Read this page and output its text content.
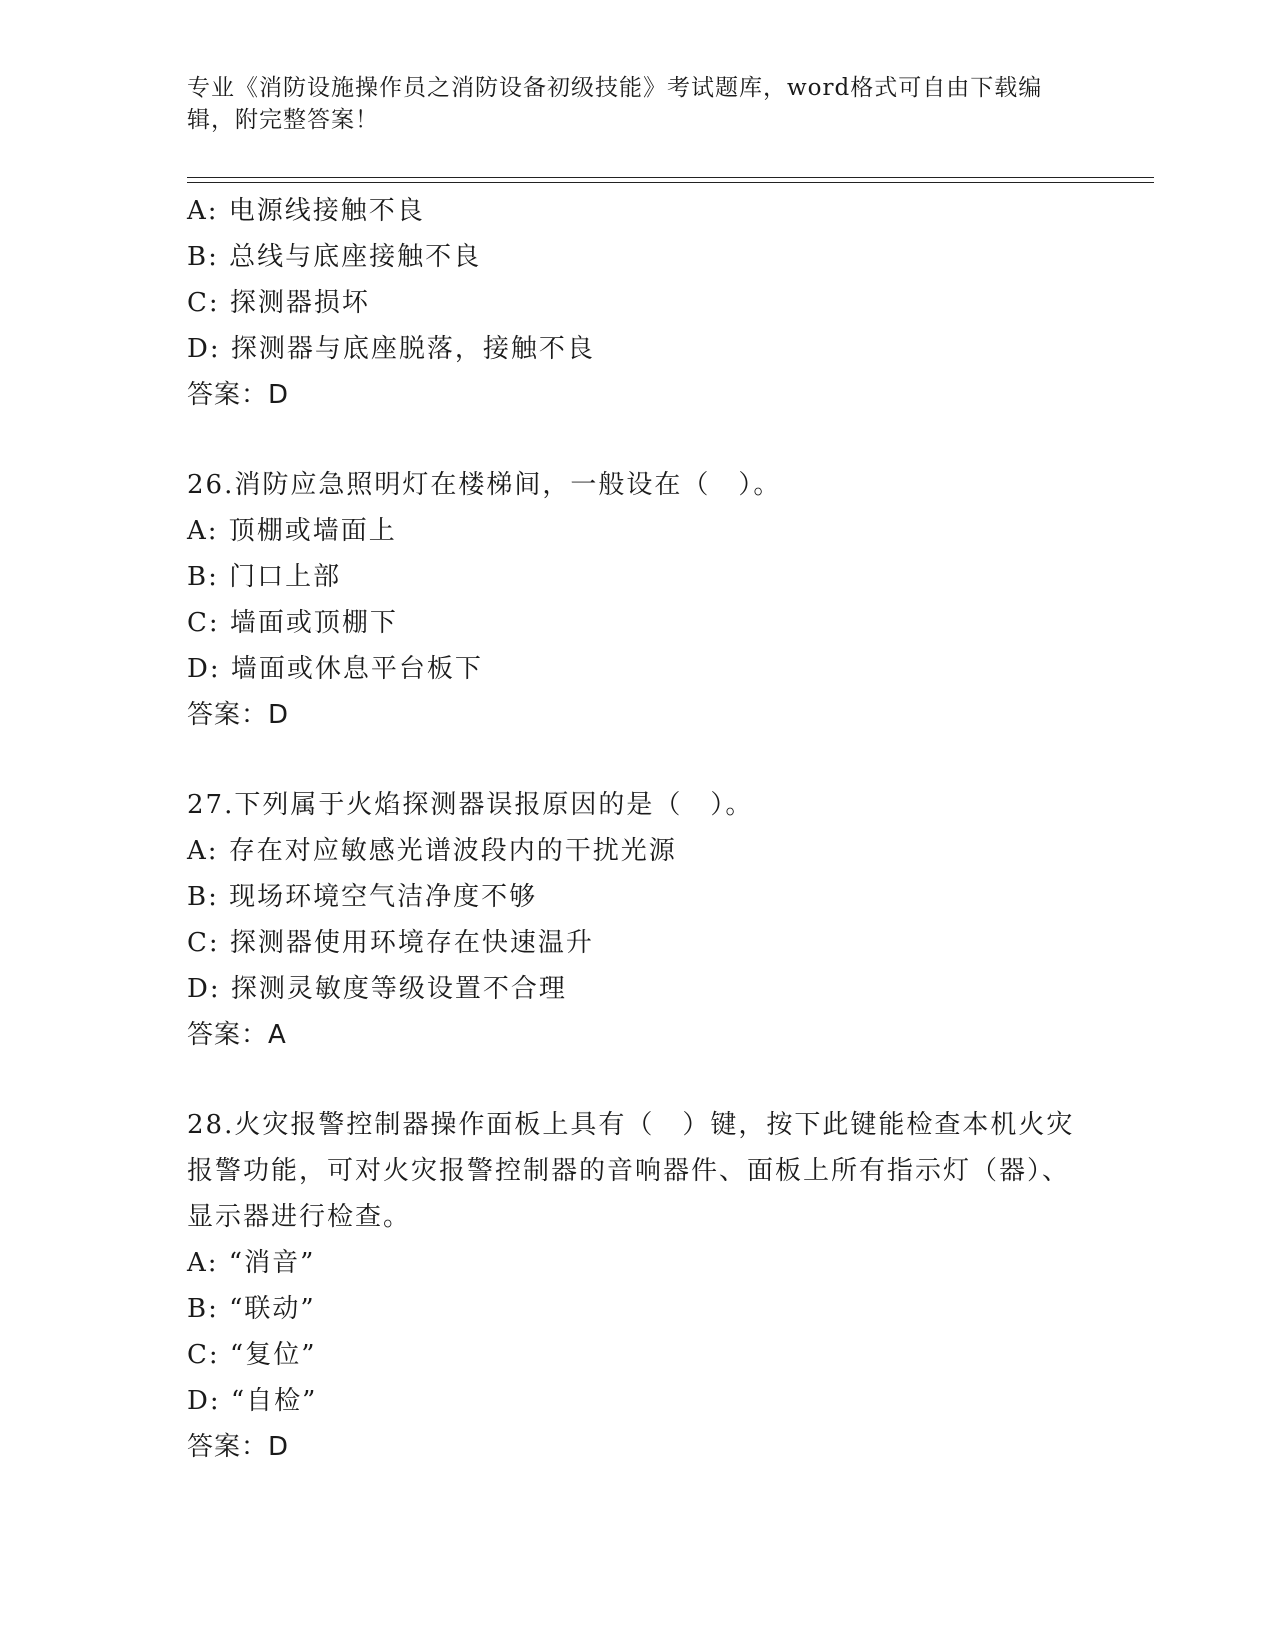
专业《消防设施操作员之消防设备初级技能》考试题库，word格式可自由下载编辑，附完整答案！
A: 电源线接触不良
B: 总线与底座接触不良
C: 探测器损坏
D: 探测器与底座脱落，接触不良
答案：D
26.消防应急照明灯在楼梯间，一般设在（　）。
A: 顶棚或墙面上
B: 门口上部
C: 墙面或顶棚下
D: 墙面或休息平台板下
答案：D
27.下列属于火焰探测器误报原因的是（　）。
A: 存在对应敏感光谱波段内的干扰光源
B: 现场环境空气洁净度不够
C: 探测器使用环境存在快速温升
D: 探测灵敏度等级设置不合理
答案：A
28.火灾报警控制器操作面板上具有（　）键，按下此键能检查本机火灾报警功能，可对火灾报警控制器的音响器件、面板上所有指示灯（器）、显示器进行检查。
A: “消音”
B: “联动”
C: “复位”
D: “自检”
答案：D
